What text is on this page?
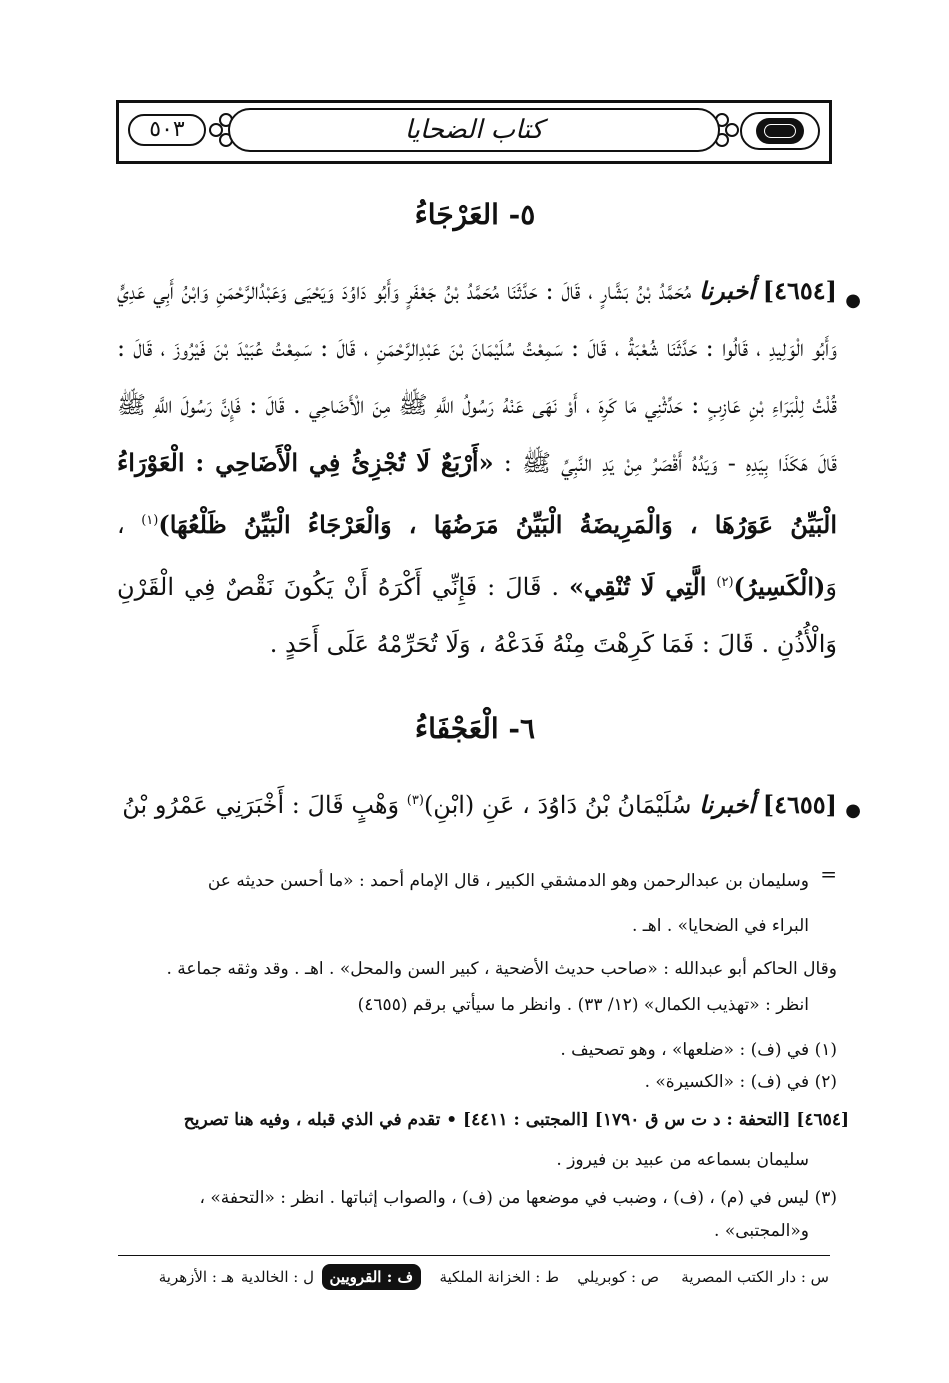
كتاب الضحايا
٥٠٣
٥- العَرْجَاءُ
●
[٤٦٥٤] أخبرنا مُحَمَّدُ بْنُ بَشَّارٍ ، قَالَ : حَدَّثَنَا مُحَمَّدُ بْنُ جَعْفَرٍ وَأَبُو دَاوُدَ وَيَحْيَى وَعَبْدُالرَّحْمَنِ وَابْنُ أَبِي عَدِيٍّ وَأَبُو الْوَلِيدِ ، قَالُوا : حَدَّثَنَا شُعْبَةُ ، قَالَ : سَمِعْتُ سُلَيْمَانَ بْنَ عَبْدِالرَّحْمَنِ ، قَالَ : سَمِعْتُ عُبَيْدَ بْنَ فَيْرُوزَ ، قَالَ : قُلْتُ لِلْبَرَاءِ بْنِ عَازِبٍ : حَدِّثْنِي مَا كَرِهَ ، أَوْ نَهَى عَنْهُ رَسُولُ اللَّهِ ﷺ مِنَ الْأَضَاحِي . قَالَ : فَإِنَّ رَسُولَ اللَّهِ ﷺ قَالَ هَكَذَا بِيَدِهِ - وَيَدُهُ أَقْصَرُ مِنْ يَدِ النَّبِيِّ ﷺ : «أَرْبَعٌ لَا تُجْزِئُ فِي الْأَضَاحِي : الْعَوْرَاءُ الْبَيِّنُ عَوَرُهَا ، وَالْمَرِيضَةُ الْبَيِّنُ مَرَضُهَا ، وَالْعَرْجَاءُ الْبَيِّنُ ظَلْعُهَا)$^{(١)}$ ، وَ(الْكَسِيرُ)$^{(٢)}$ الَّتِي لَا تُنْقِي» . قَالَ : فَإِنِّي أَكْرَهُ أَنْ يَكُونَ نَقْصٌ فِي الْقَرْنِ وَالْأُذُنِ . قَالَ : فَمَا كَرِهْتَ مِنْهُ فَدَعْهُ ، وَلَا تُحَرِّمْهُ عَلَى أَحَدٍ .
٦- الْعَجْفَاءُ
●
[٤٦٥٥] أخبرنا سُلَيْمَانُ بْنُ دَاوُدَ ، عَنِ (ابْنِ)$^{(٣)}$ وَهْبٍ قَالَ : أَخْبَرَنِي عَمْرُو بْنُ
=
وسليمان بن عبدالرحمن وهو الدمشقي الكبير ، قال الإمام أحمد : «ما أحسن حديثه عن
البراء في الضحايا» . اهـ .
وقال الحاكم أبو عبدالله : «صاحب حديث الأضحية ، كبير السن والمحل» . اهـ . وقد وثقه جماعة .
انظر : «تهذيب الكمال» (١٢/ ٣٣) . وانظر ما سيأتي برقم (٤٦٥٥)
(١) في (ف) : «ضلعها» ، وهو تصحيف .
(٢) في (ف) : «الكسيرة» .
[٤٦٥٤] [التحفة : د ت س ق ١٧٩٠] [المجتبى : ٤٤١١] • تقدم في الذي قبله ، وفيه هنا تصريح
سليمان بسماعه من عبيد بن فيروز .
(٣) ليس في (م) ، (ف) ، وضبب في موضعها من (ف) ، والصواب إثباتها . انظر : «التحفة» ،
و«المجتبى» .
س : دار الكتب المصرية
ص : كوبريلي
ط : الخزانة الملكية
ف : القرويين
ل : الخالدية
هـ : الأزهرية
